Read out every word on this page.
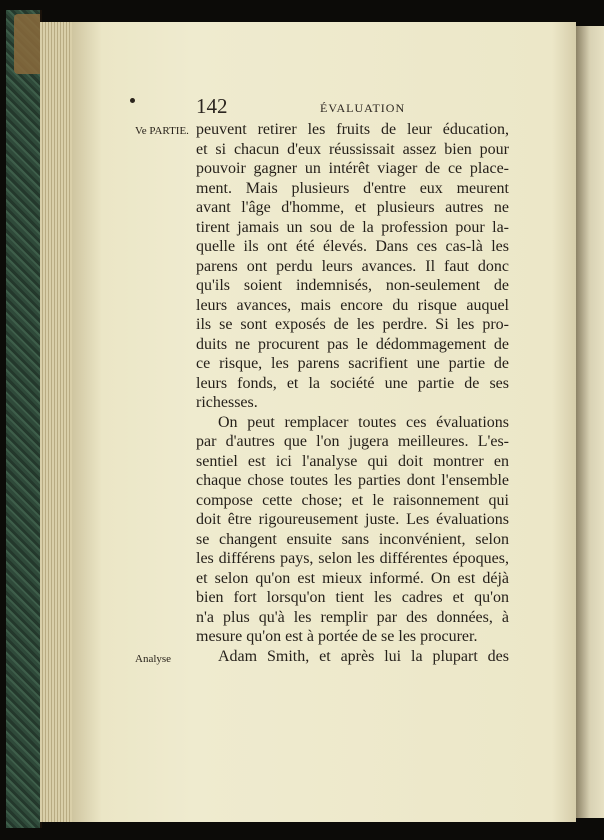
142	ÉVALUATION
Ve PARTIE.
Analyse
peuvent retirer les fruits de leur éducation,
et si chacun d'eux réussissait assez bien pour
pouvoir gagner un intérêt viager de ce place-
ment. Mais plusieurs d'entre eux meurent
avant l'âge d'homme, et plusieurs autres ne
tirent jamais un sou de la profession pour la-
quelle ils ont été élevés. Dans ces cas-là les
parens ont perdu leurs avances. Il faut donc
qu'ils soient indemnisés, non-seulement de
leurs avances, mais encore du risque auquel
ils se sont exposés de les perdre. Si les pro-
duits ne procurent pas le dédommagement de
ce risque, les parens sacrifient une partie de
leurs fonds, et la société une partie de ses
richesses.
On peut remplacer toutes ces évaluations
par d'autres que l'on jugera meilleures. L'es-
sentiel est ici l'analyse qui doit montrer en
chaque chose toutes les parties dont l'ensemble
compose cette chose; et le raisonnement qui
doit être rigoureusement juste. Les évaluations
se changent ensuite sans inconvénient, selon
les différens pays, selon les différentes époques,
et selon qu'on est mieux informé. On est déjà
bien fort lorsqu'on tient les cadres et qu'on
n'a plus qu'à les remplir par des données, à
mesure qu'on est à portée de se les procurer.
Adam Smith, et après lui la plupart des
